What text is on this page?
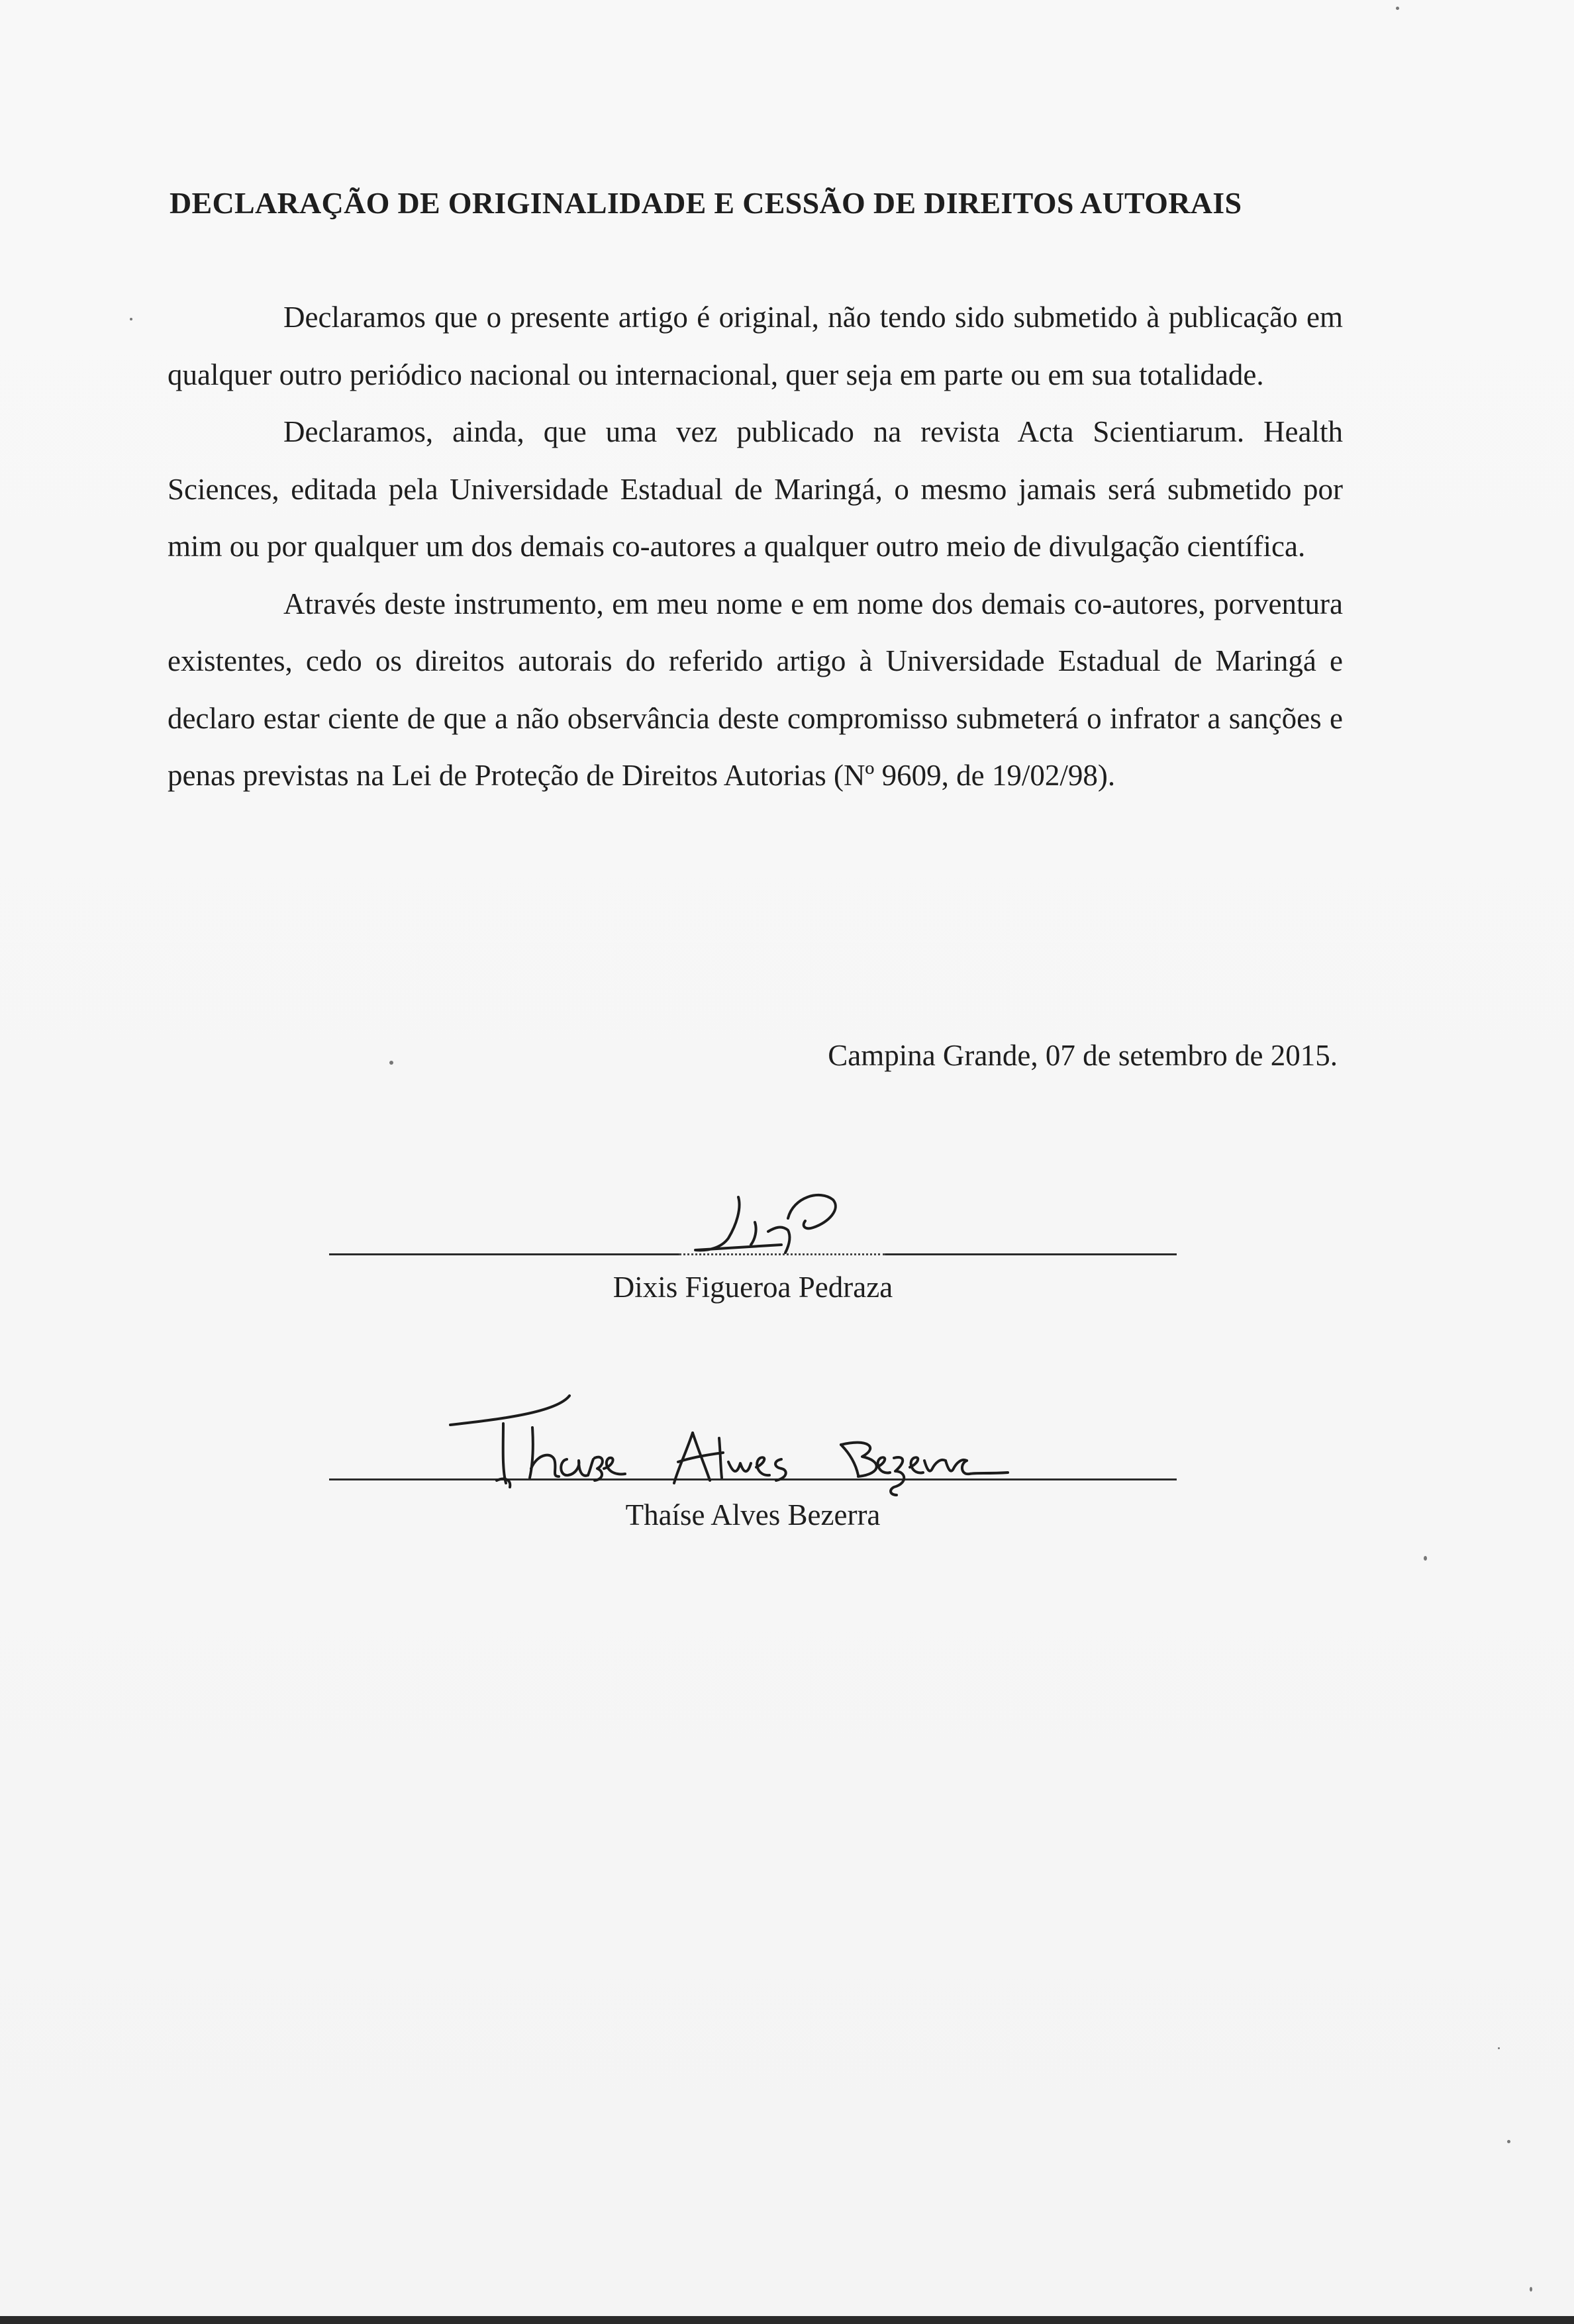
DECLARAÇÃO DE ORIGINALIDADE E CESSÃO DE DIREITOS AUTORAIS

Declaramos que o presente artigo é original, não tendo sido submetido à publicação em qualquer outro periódico nacional ou internacional, quer seja em parte ou em sua totalidade.

Declaramos, ainda, que uma vez publicado na revista Acta Scientiarum. Health Sciences, editada pela Universidade Estadual de Maringá, o mesmo jamais será submetido por mim ou por qualquer um dos demais co-autores a qualquer outro meio de divulgação científica.

Através deste instrumento, em meu nome e em nome dos demais co-autores, porventura existentes, cedo os direitos autorais do referido artigo à Universidade Estadual de Maringá e declaro estar ciente de que a não observância deste compromisso submeterá o infrator a sanções e penas previstas na Lei de Proteção de Direitos Autorias (Nº 9609, de 19/02/98).

Campina Grande, 07 de setembro de 2015.

Dixis Figueroa Pedraza

Thaíse Alves Bezerra
